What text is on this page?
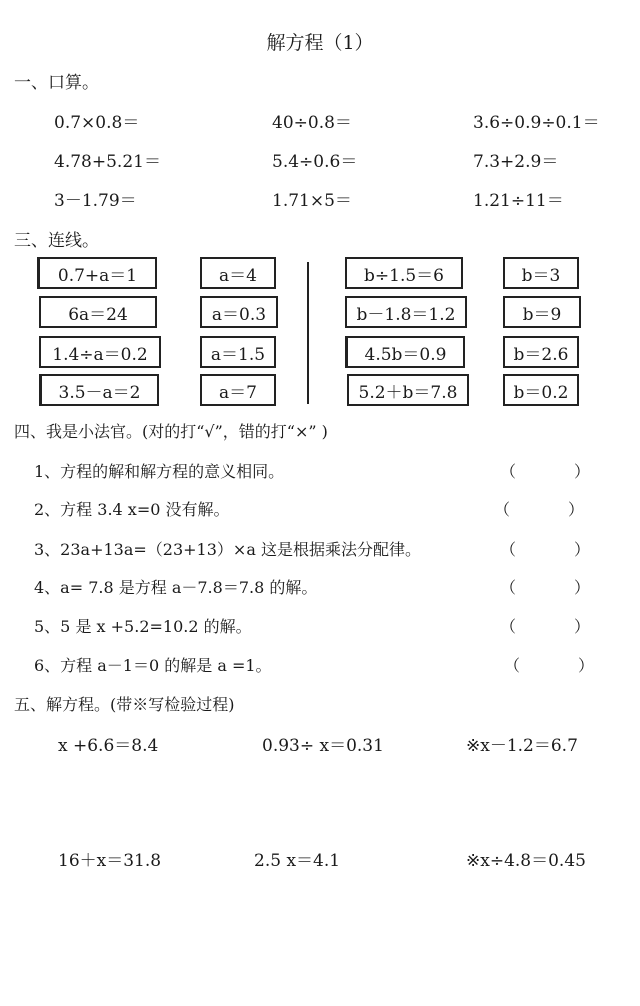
解方程（1）
一、口算。
0.7×0.8＝	40÷0.8＝	3.6÷0.9÷0.1＝
4.78+5.21＝	5.4÷0.6＝	7.3+2.9＝
3－1.79＝	1.71×5＝	1.21÷11＝
三、连线。
0.7+a＝1
6a＝24
1.4÷a＝0.2
3.5－a＝2
a＝4
a＝0.3
a＝1.5
a＝7
b÷1.5＝6
b－1.8＝1.2
4.5b＝0.9
5.2＋b＝7.8
b＝3
b＝9
b＝2.6
b＝0.2
四、我是小法官。(对的打“√”，错的打“×” )
1、方程的解和解方程的意义相同。	（	）
2、方程 3.4 x=0 没有解。	（	）
3、23a+13a=（23+13）×a 这是根据乘法分配律。	（	）
4、a= 7.8 是方程 a－7.8＝7.8 的解。	（	）
5、5 是 x +5.2=10.2 的解。	（	）
6、方程 a－1＝0 的解是 a =1。	（	）
五、解方程。(带※写检验过程)
x +6.6＝8.4	0.93÷ x＝0.31	※x－1.2＝6.7
16＋x＝31.8	2.5 x＝4.1	※x÷4.8＝0.45
